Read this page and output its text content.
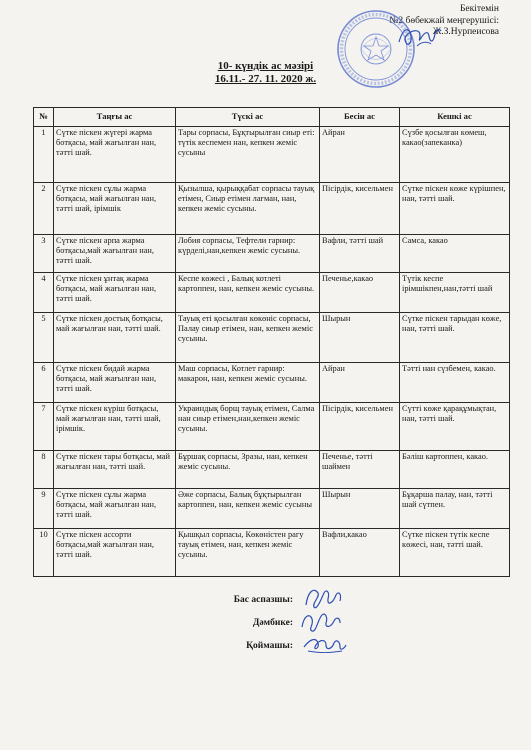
Бекітемін
№2 бөбекжай меңгерушісі:
Ж.З.Нурпеисова
10- күндік ас мәзірі
16.11.- 27. 11. 2020 ж.
№	Таңғы ас	Түскі ас	Бесін ас	Кешкі ас
1	Сүтке піскен жүгері жарма ботқасы, май жағылған нан, тәтті шай.	Тары сорпасы, Бұқтырылған сиыр еті: түтік кеспемен нан, кепкен жеміс сусыны	Айран	Сүзбе қосылған көмеш, какао(запеканка)
2	Сүтке піскен сұлы жарма ботқасы, май жағылған нан, тәтті шай, ірімшік	Қызылша, қырыққабат сорпасы тауық етімен, Сиыр етімен лағман, нан, кепкен жеміс сусыны.	Пісірдік, кисельмен	Сүтке піскен көже күрішпен, нан, тәтті шай.
3	Сүтке піскен арпа жарма ботқасы,май жағылған нан, тәтті шай.	Лобия сорпасы, Тефтели гарнир: күрделі,нан,кепкен жеміс сусыны.	Вафли, тәтті шай	Самса, какао
4	Сүтке піскен ұнтақ жарма ботқасы, май жағылған нан, тәтті шай.	Кеспе көжесі , Балық котлеті картоппен, нан, кепкен жеміс сусыны.	Печенье,какао	Түтік кеспе ірімшікпен,нан,тәтті шай
5	Сүтке піскен достық ботқасы, май жағылған нан, тәтті шай.	Тауық еті қосылған көкөніс сорпасы, Палау сиыр етімен, нан, кепкен жеміс сусыны.	Шырын	Сүтке піскен тарыдан көже, нан, тәтті шай.
6	Сүтке піскен бидай жарма ботқасы, май жағылған нан, тәтті шай.	Маш сорпасы, Котлет гарнир: макарон, нан, кепкен жеміс сусыны.	Айран	Тәтті нан сүзбемен, какао.
7	Сүтке піскен күріш ботқасы, май жағылған нан, тәтті шай, ірімшік.	Украиндық борщ тауық етімен, Салма нан сиыр етімен,нан,кепкен жеміс сусыны.	Пісірдік, кисельмен	Сүтті көже қарақұмықтан, нан, тәтті шай.
8	Сүтке піскен тары ботқасы, май жағылған нан, тәтті шай.	Бұршақ сорпасы, Зразы, нан, кепкен жеміс сусыны.	Печенье, тәтті шаймен	Бәліш картоппен, какао.
9	Сүтке піскен сұлы жарма ботқасы, май жағылған нан, тәтті шай.	Әже сорпасы, Балық бұқтырылған картоппен, нан, кепкен жеміс сусыны	Шырын	Бұқарша палау, нан, тәтті шай сүтпен.
10	Сүтке піскен ассорти ботқасы,май жағылған нан, тәтті шай.	Қышқыл сорпасы, Көкөністен рагу тауық етімен, нан, кепкен жеміс сусыны.	Вафли,какао	Сүтке піскен түтік кеспе көжесі, нан, тәтті шай.
Бас аспазшы:
Дәмбике:
Қоймашы:
